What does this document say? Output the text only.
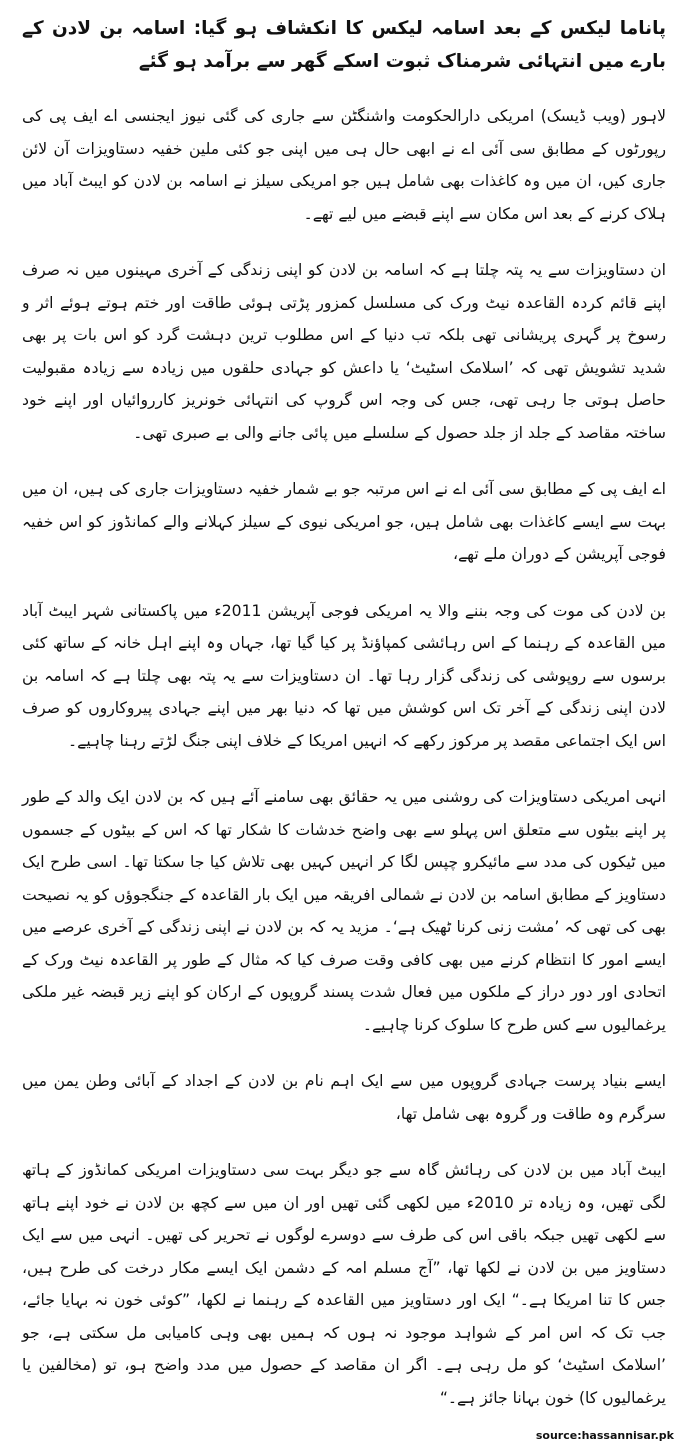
پاناما لیکس کے بعد اسامہ لیکس کا انکشاف ہو گیا: اسامہ بن لادن کے بارے میں انتہائی شرمناک ثبوت اسکے گھر سے برآمد ہو گئے

لاہور (ویب ڈیسک) امریکی دارالحکومت واشنگٹن سے جاری کی گئی نیوز ایجنسی اے ایف پی کی رپورٹوں کے مطابق سی آئی اے نے ابھی حال ہی میں اپنی جو کئی ملین خفیہ دستاویزات آن لائن جاری کیں، ان میں وہ کاغذات بھی شامل ہیں جو امریکی سیلز نے اسامہ بن لادن کو ایبٹ آباد میں ہلاک کرنے کے بعد اس مکان سے اپنے قبضے میں لیے تھے۔

ان دستاویزات سے یہ پتہ چلتا ہے کہ اسامہ بن لادن کو اپنی زندگی کے آخری مہینوں میں نہ صرف اپنے قائم کردہ القاعدہ نیٹ ورک کی مسلسل کمزور پڑتی ہوئی طاقت اور ختم ہوتے ہوئے اثر و رسوخ پر گہری پریشانی تھی بلکہ تب دنیا کے اس مطلوب ترین دہشت گرد کو اس بات پر بھی شدید تشویش تھی کہ ’اسلامک اسٹیٹ‘ یا داعش کو جہادی حلقوں میں زیادہ سے زیادہ مقبولیت حاصل ہوتی جا رہی تھی، جس کی وجہ اس گروپ کی انتہائی خونریز کارروائیاں اور اپنے خود ساختہ مقاصد کے جلد از جلد حصول کے سلسلے میں پائی جانے والی بے صبری تھی۔

اے ایف پی کے مطابق سی آئی اے نے اس مرتبہ جو بے شمار خفیہ دستاویزات جاری کی ہیں، ان میں بہت سے ایسے کاغذات بھی شامل ہیں، جو امریکی نیوی کے سیلز کہلانے والے کمانڈوز کو اس خفیہ فوجی آپریشن کے دوران ملے تھے،

بن لادن کی موت کی وجہ بننے والا یہ امریکی فوجی آپریشن 2011ء میں پاکستانی شہر ایبٹ آباد میں القاعدہ کے رہنما کے اس رہائشی کمپاؤنڈ پر کیا گیا تھا، جہاں وہ اپنے اہل خانہ کے ساتھ کئی برسوں سے روپوشی کی زندگی گزار رہا تھا۔ ان دستاویزات سے یہ پتہ بھی چلتا ہے کہ اسامہ بن لادن اپنی زندگی کے آخر تک اس کوشش میں تھا کہ دنیا بھر میں اپنے جہادی پیروکاروں کو صرف اس ایک اجتماعی مقصد پر مرکوز رکھے کہ انہیں امریکا کے خلاف اپنی جنگ لڑتے رہنا چاہیے۔

انہی امریکی دستاویزات کی روشنی میں یہ حقائق بھی سامنے آئے ہیں کہ بن لادن ایک والد کے طور پر اپنے بیٹوں سے متعلق اس پہلو سے بھی واضح خدشات کا شکار تھا کہ اس کے بیٹوں کے جسموں میں ٹیکوں کی مدد سے مائیکرو چپس لگا کر انہیں کہیں بھی تلاش کیا جا سکتا تھا۔ اسی طرح ایک دستاویز کے مطابق اسامہ بن لادن نے شمالی افریقہ میں ایک بار القاعدہ کے جنگجوؤں کو یہ نصیحت بھی کی تھی کہ ’مشت زنی کرنا ٹھیک ہے‘۔ مزید یہ کہ بن لادن نے اپنی زندگی کے آخری عرصے میں ایسے امور کا انتظام کرنے میں بھی کافی وقت صرف کیا کہ مثال کے طور پر القاعدہ نیٹ ورک کے اتحادی اور دور دراز کے ملکوں میں فعال شدت پسند گروپوں کے ارکان کو اپنے زیر قبضہ غیر ملکی یرغمالیوں سے کس طرح کا سلوک کرنا چاہیے۔

ایسے بنیاد پرست جہادی گروپوں میں سے ایک اہم نام بن لادن کے اجداد کے آبائی وطن یمن میں سرگرم وہ طاقت ور گروہ بھی شامل تھا،

ایبٹ آباد میں بن لادن کی رہائش گاہ سے جو دیگر بہت سی دستاویزات امریکی کمانڈوز کے ہاتھ لگی تھیں، وہ زیادہ تر 2010ء میں لکھی گئی تھیں اور ان میں سے کچھ بن لادن نے خود اپنے ہاتھ سے لکھی تھیں جبکہ باقی اس کی طرف سے دوسرے لوگوں نے تحریر کی تھیں۔ انہی میں سے ایک دستاویز میں بن لادن نے لکھا تھا، ”آج مسلم امہ کے دشمن ایک ایسے مکار درخت کی طرح ہیں، جس کا تنا امریکا ہے۔“ ایک اور دستاویز میں القاعدہ کے رہنما نے لکھا، ”کوئی خون نہ بہایا جائے، جب تک کہ اس امر کے شواہد موجود نہ ہوں کہ ہمیں بھی وہی کامیابی مل سکتی ہے، جو ’اسلامک اسٹیٹ‘ کو مل رہی ہے۔ اگر ان مقاصد کے حصول میں مدد واضح ہو، تو (مخالفین یا یرغمالیوں کا) خون بہانا جائز ہے۔“

source:hassannisar.pk
